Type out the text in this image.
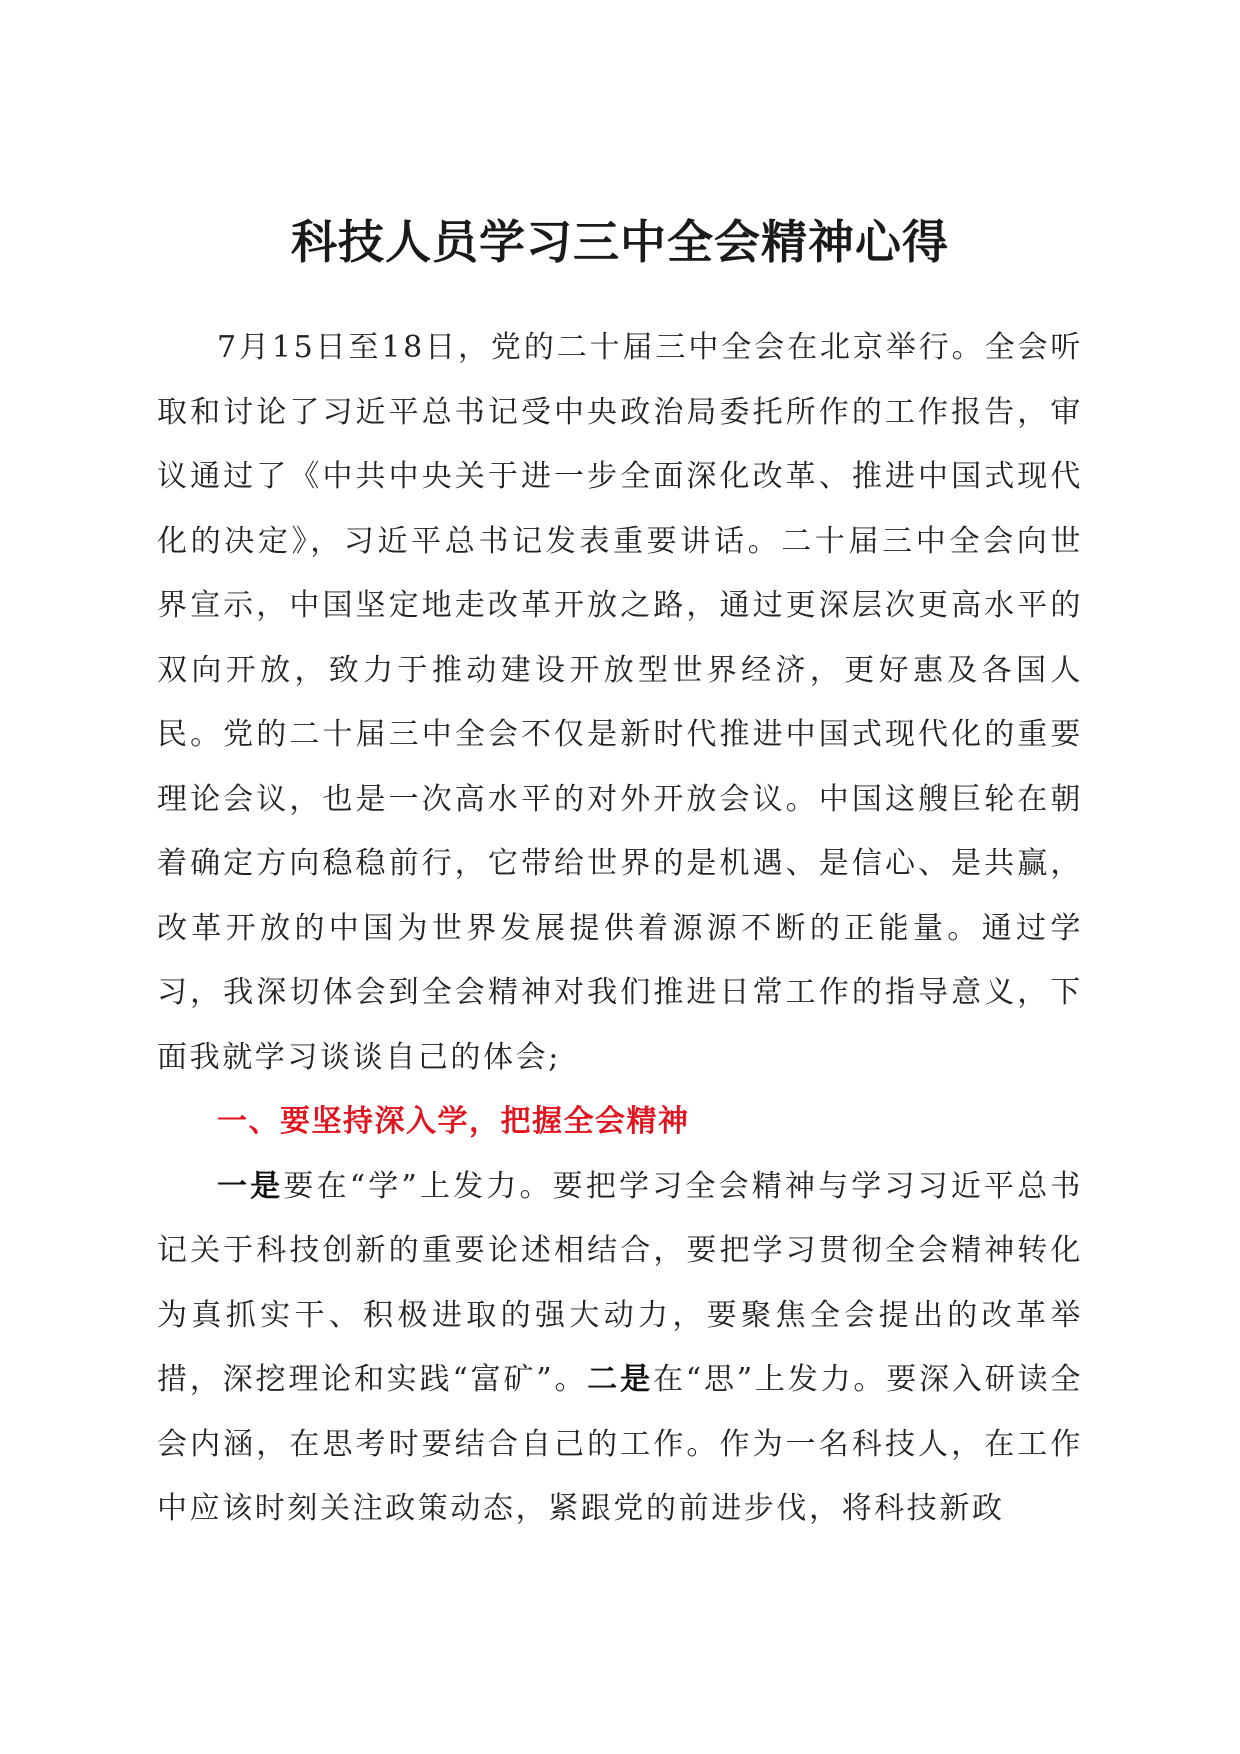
科技人员学习三中全会精神心得

7月15日至18日，党的二十届三中全会在北京举行。全会听取和讨论了习近平总书记受中央政治局委托所作的工作报告，审议通过了《中共中央关于进一步全面深化改革、推进中国式现代化的决定》，习近平总书记发表重要讲话。二十届三中全会向世界宣示，中国坚定地走改革开放之路，通过更深层次更高水平的双向开放，致力于推动建设开放型世界经济，更好惠及各国人民。党的二十届三中全会不仅是新时代推进中国式现代化的重要理论会议，也是一次高水平的对外开放会议。中国这艘巨轮在朝着确定方向稳稳前行，它带给世界的是机遇、是信心、是共赢，改革开放的中国为世界发展提供着源源不断的正能量。通过学习，我深切体会到全会精神对我们推进日常工作的指导意义，下面我就学习谈谈自己的体会;

一、要坚持深入学，把握全会精神

一是要在“学”上发力。要把学习全会精神与学习习近平总书记关于科技创新的重要论述相结合，要把学习贯彻全会精神转化为真抓实干、积极进取的强大动力，要聚焦全会提出的改革举措，深挖理论和实践“富矿”。二是在“思”上发力。要深入研读全会内涵，在思考时要结合自己的工作。作为一名科技人，在工作中应该时刻关注政策动态，紧跟党的前进步伐，将科技新政
